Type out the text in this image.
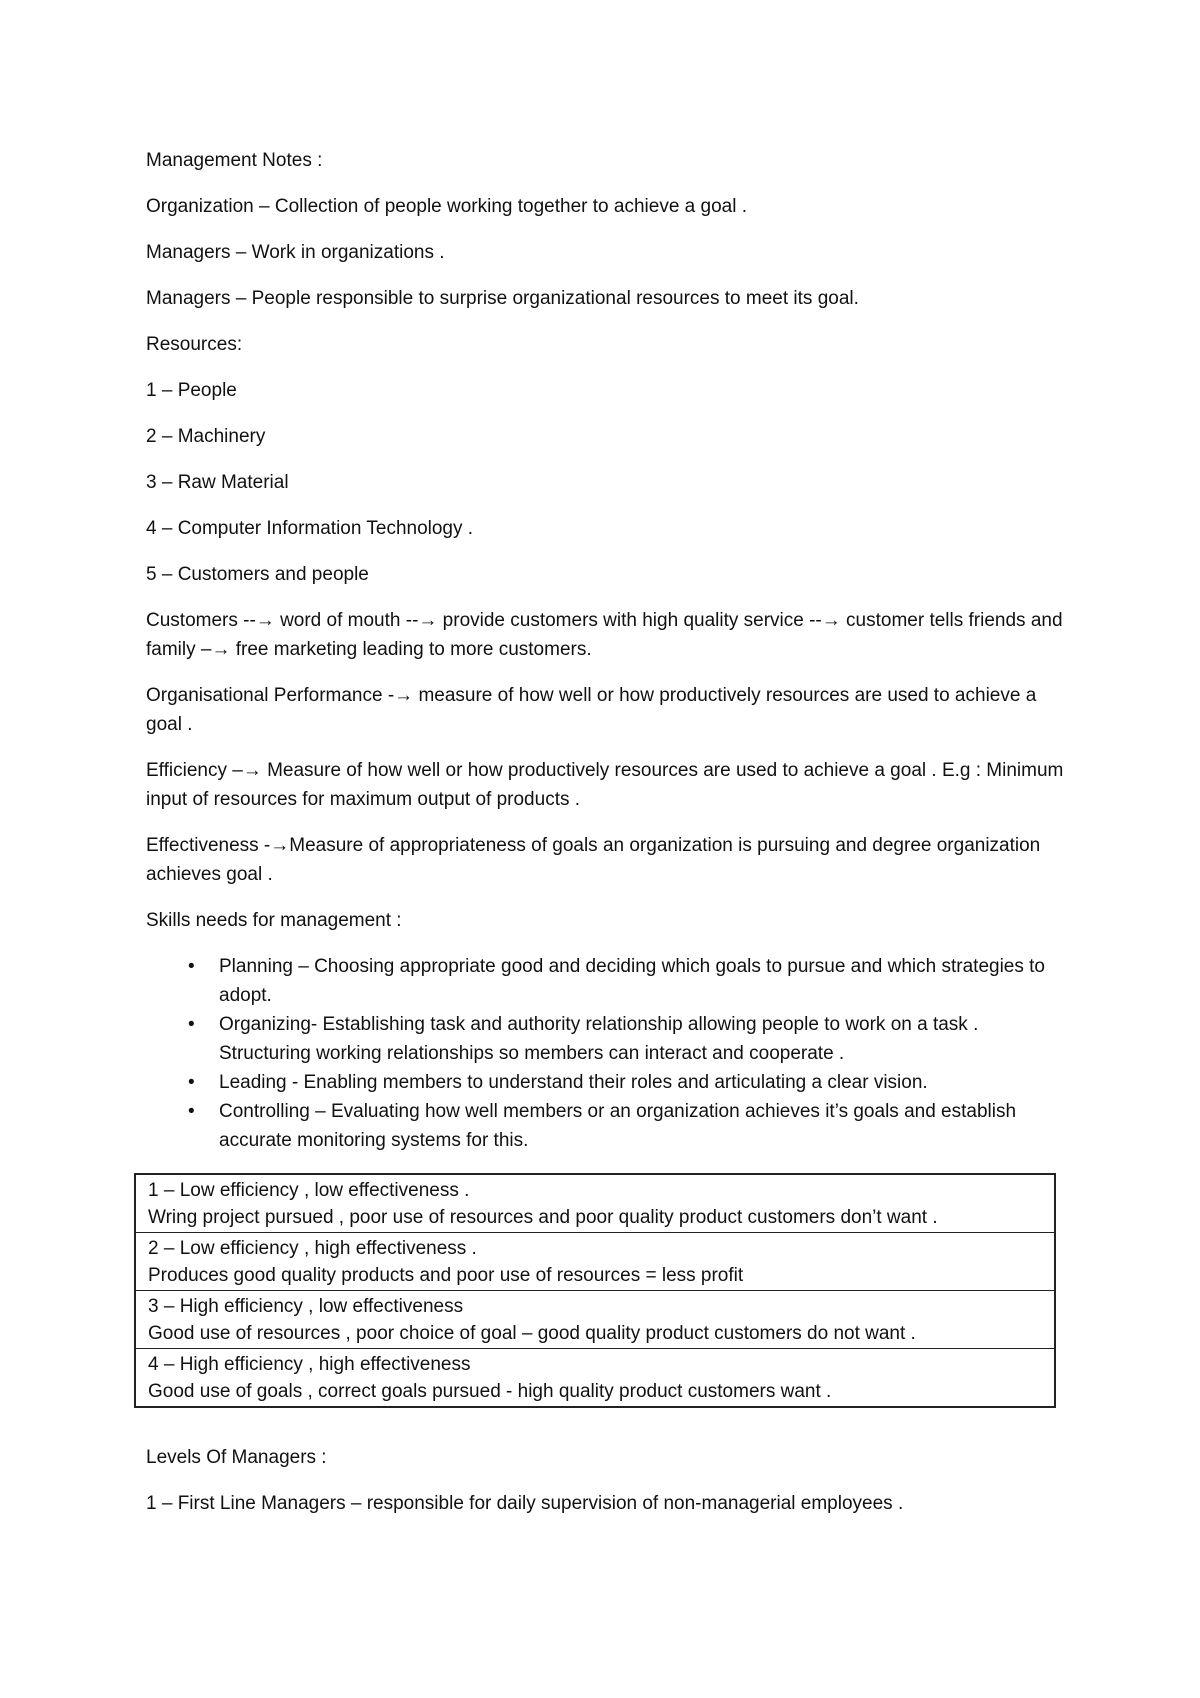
Management Notes :

Organization – Collection of people working together to achieve a goal .

Managers – Work in organizations .

Managers – People responsible to surprise organizational resources to meet its goal.

Resources:

1 – People

2 – Machinery

3 – Raw Material

4 – Computer Information Technology .

5 – Customers and people

Customers --→ word of mouth --→ provide customers with high quality service --→ customer tells friends and family –→ free marketing leading to more customers.

Organisational Performance -→ measure of how well or how productively resources are used to achieve a goal .

Efficiency –→ Measure of how well or how productively resources are used to achieve a goal . E.g : Minimum input of resources for maximum output of products .

Effectiveness -→Measure of appropriateness of goals an organization is pursuing and degree organization achieves goal .

Skills needs for management :

• Planning – Choosing appropriate good and deciding which goals to pursue and which strategies to adopt.
• Organizing- Establishing task and authority relationship allowing people to work on a task . Structuring working relationships so members can interact and cooperate .
• Leading - Enabling members to understand their roles and articulating a clear vision.
• Controlling – Evaluating how well members or an organization achieves it’s goals and establish accurate monitoring systems for this.
1 – Low efficiency , low effectiveness .
Wring project pursued , poor use of resources and poor quality product customers don’t want .
2 – Low efficiency , high effectiveness .
Produces good quality products and poor use of resources = less profit
3 – High efficiency , low effectiveness
Good use of resources , poor choice of goal – good quality product customers do not want .
4 – High efficiency , high effectiveness
Good use of goals , correct goals pursued - high quality product customers want .

Levels Of Managers :

1 – First Line Managers – responsible for daily supervision of non-managerial employees .
